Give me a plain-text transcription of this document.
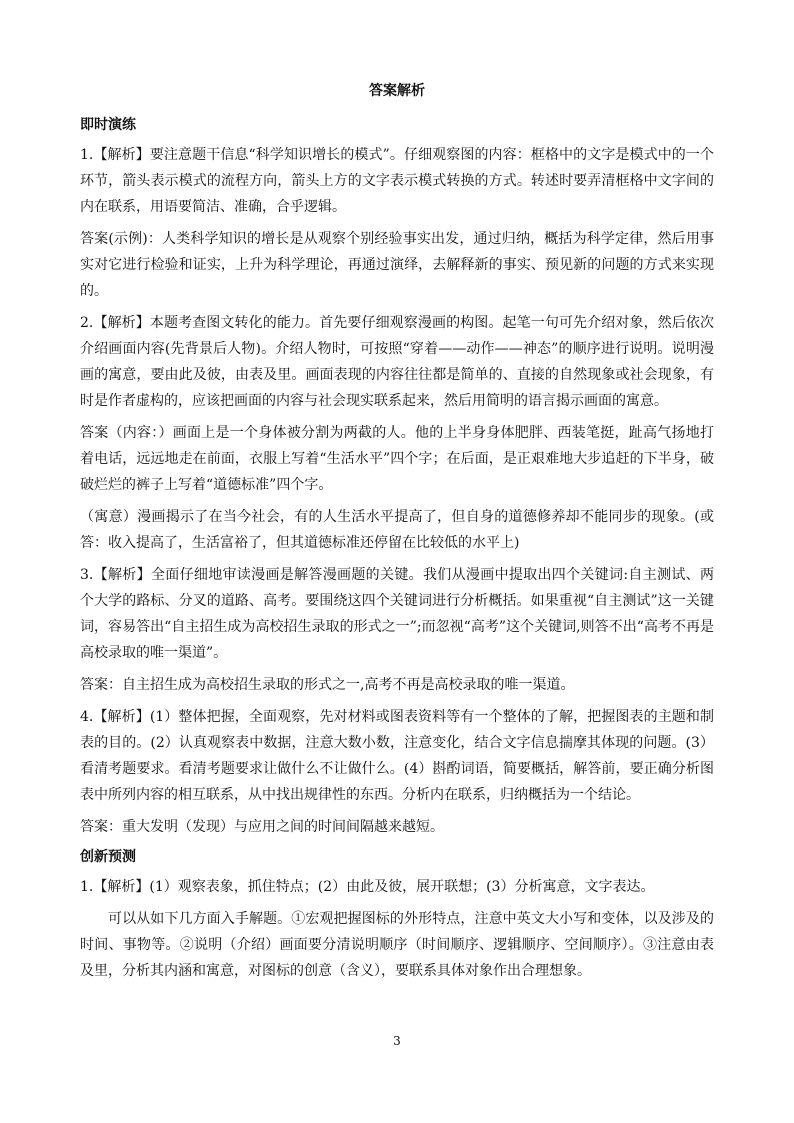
答案解析
即时演练

1.【解析】要注意题干信息“科学知识增长的模式”。仔细观察图的内容：框格中的文字是模式中的一个环节，箭头表示模式的流程方向，箭头上方的文字表示模式转换的方式。转述时要弄清框格中文字间的内在联系，用语要简洁、准确，合乎逻辑。

答案(示例)：人类科学知识的增长是从观察个别经验事实出发，通过归纳，概括为科学定律，然后用事实对它进行检验和证实，上升为科学理论，再通过演绎，去解释新的事实、预见新的问题的方式来实现的。

2.【解析】本题考查图文转化的能力。首先要仔细观察漫画的构图。起笔一句可先介绍对象，然后依次介绍画面内容(先背景后人物)。介绍人物时，可按照“穿着——动作——神态”的顺序进行说明。说明漫画的寓意，要由此及彼，由表及里。画面表现的内容往往都是简单的、直接的自然现象或社会现象，有时是作者虚构的，应该把画面的内容与社会现实联系起来，然后用简明的语言揭示画面的寓意。

答案（内容：）画面上是一个身体被分割为两截的人。他的上半身身体肥胖、西装笔挺，趾高气扬地打着电话，远远地走在前面，衣服上写着“生活水平”四个字；在后面，是正艰难地大步追赶的下半身，破破烂烂的裤子上写着“道德标准”四个字。

（寓意）漫画揭示了在当今社会，有的人生活水平提高了，但自身的道德修养却不能同步的现象。(或答：收入提高了，生活富裕了，但其道德标准还停留在比较低的水平上)

3.【解析】全面仔细地审读漫画是解答漫画题的关键。我们从漫画中提取出四个关键词:自主测试、两个大学的路标、分叉的道路、高考。要围绕这四个关键词进行分析概括。如果重视“自主测试”这一关键词，容易答出“自主招生成为高校招生录取的形式之一”;而忽视“高考”这个关键词,则答不出“高考不再是高校录取的唯一渠道”。

答案：自主招生成为高校招生录取的形式之一,高考不再是高校录取的唯一渠道。

4.【解析】(1）整体把握，全面观察，先对材料或图表资料等有一个整体的了解，把握图表的主题和制表的目的。(2）认真观察表中数据，注意大数小数，注意变化，结合文字信息揣摩其体现的问题。(3）看清考题要求。看清考题要求让做什么不让做什么。(4）斟酌词语，简要概括，解答前，要正确分析图表中所列内容的相互联系，从中找出规律性的东西。分析内在联系，归纳概括为一个结论。

答案：重大发明（发现）与应用之间的时间间隔越来越短。

创新预测

1.【解析】(1）观察表象，抓住特点；(2）由此及彼，展开联想；(3）分析寓意，文字表达。

可以从如下几方面入手解题。①宏观把握图标的外形特点，注意中英文大小写和变体，以及涉及的时间、事物等。②说明（介绍）画面要分清说明顺序（时间顺序、逻辑顺序、空间顺序）。③注意由表及里，分析其内涵和寓意，对图标的创意（含义），要联系具体对象作出合理想象。

3
